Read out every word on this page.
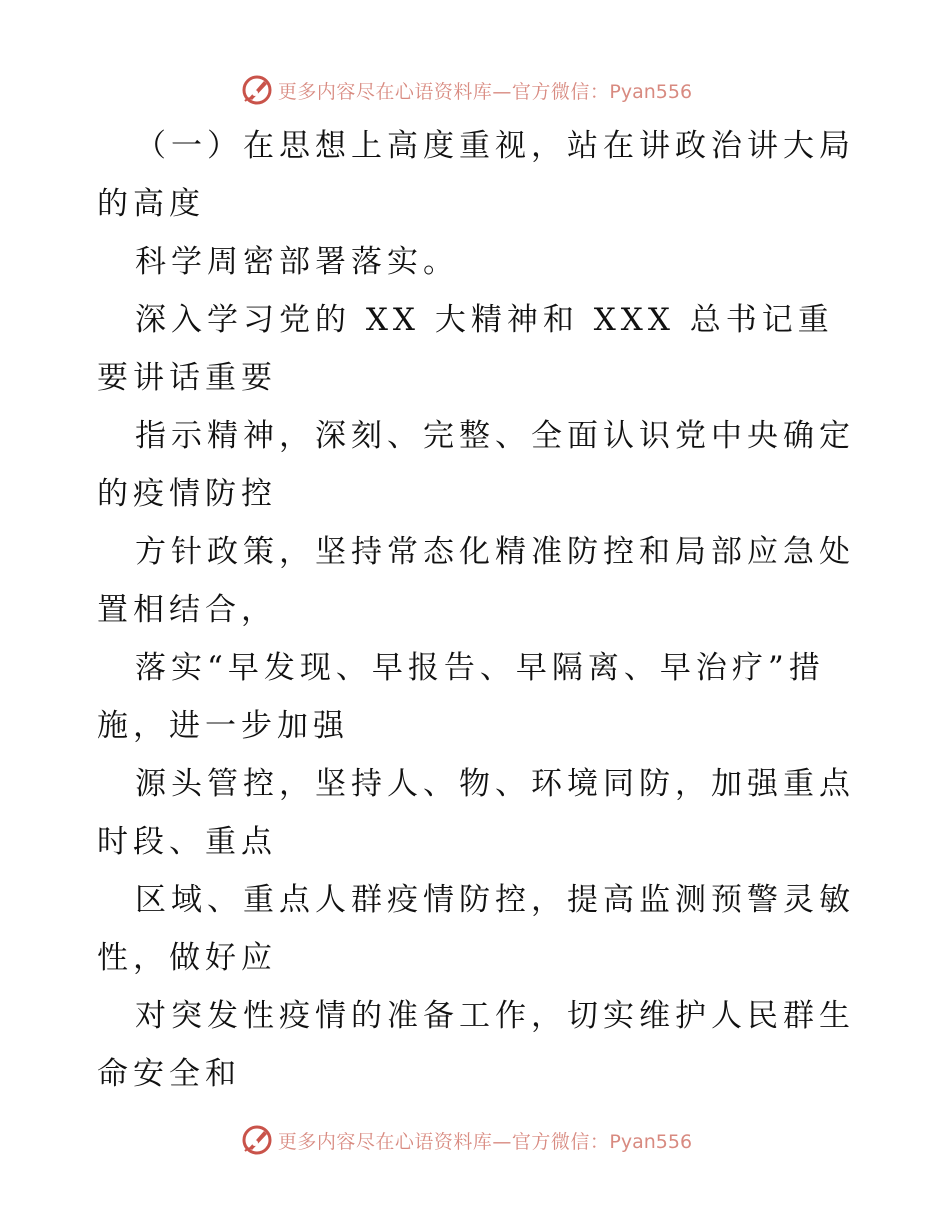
更多内容尽在心语资料库—官方微信：Pyan556

（一）在思想上高度重视，站在讲政治讲大局的高度

科学周密部署落实。

深入学习党的 XX 大精神和 XXX 总书记重要讲话重要

指示精神，深刻、完整、全面认识党中央确定的疫情防控

方针政策，坚持常态化精准防控和局部应急处置相结合，

落实“早发现、早报告、早隔离、早治疗”措施，进一步加强

源头管控，坚持人、物、环境同防，加强重点时段、重点

区域、重点人群疫情防控，提高监测预警灵敏性，做好应

对突发性疫情的准备工作，切实维护人民群生命安全和

更多内容尽在心语资料库—官方微信：Pyan556
